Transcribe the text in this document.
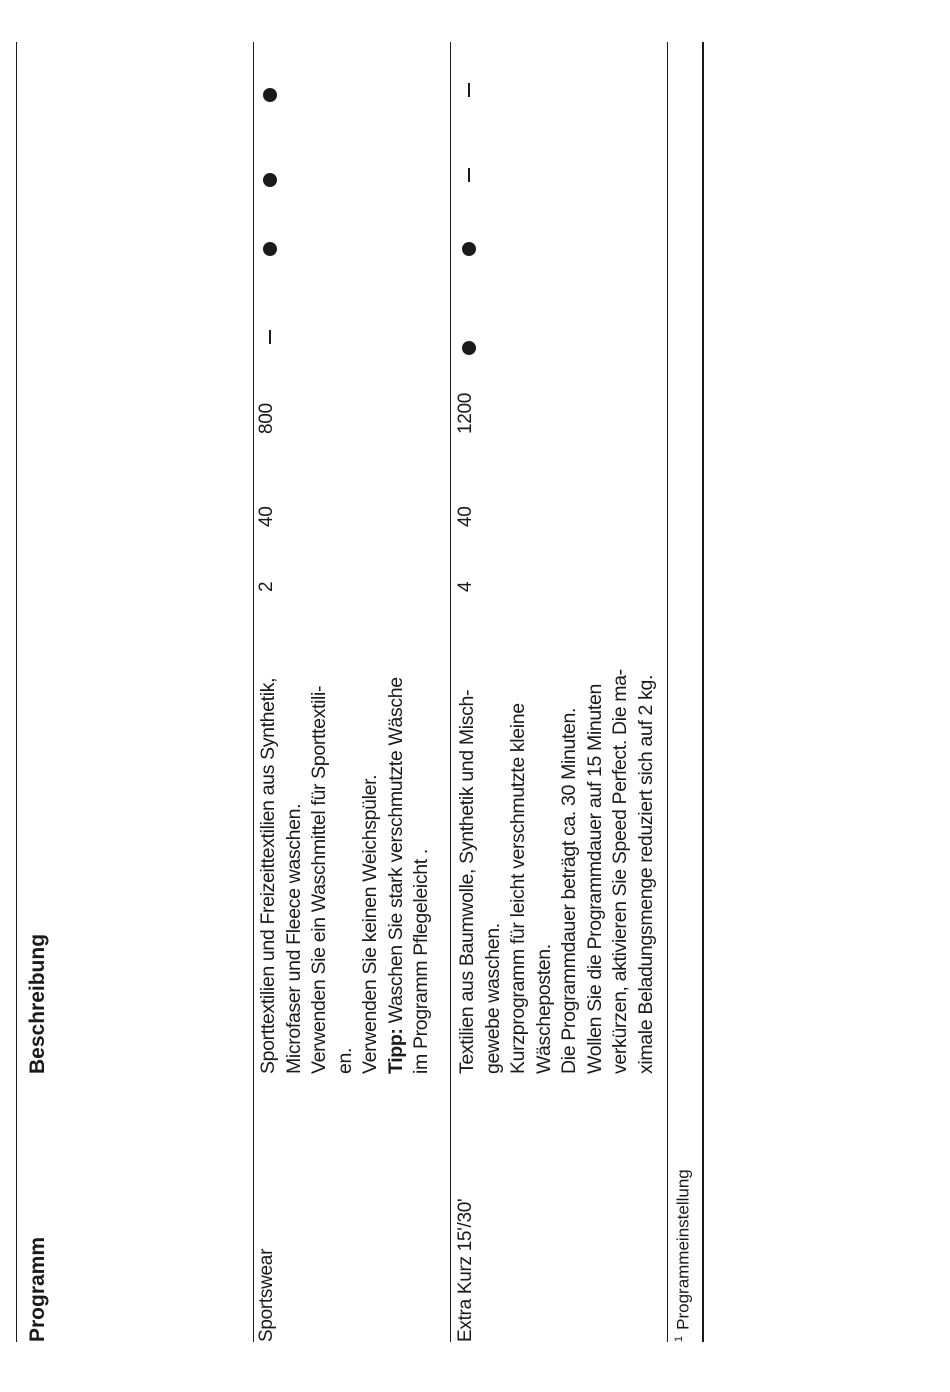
Programm
Beschreibung
Sportswear
Sporttextilien und Freizeittextilien aus Synthetik, Microfaser und Fleece waschen. Verwenden Sie ein Waschmittel für Sporttextili- en. Verwenden Sie keinen Weichspüler. Tipp: Waschen Sie stark verschmutzte Wäsche im Programm Pflegeleicht .
2
40
800
Extra Kurz 15'/30'
Textilien aus Baumwolle, Synthetik und Misch- gewebe waschen. Kurzprogramm für leicht verschmutzte kleine Wäscheposten. Die Programmdauer beträgt ca. 30 Minuten. Wollen Sie die Programmdauer auf 15 Minuten verkürzen, aktivieren Sie Speed Perfect. Die ma- ximale Beladungsmenge reduziert sich auf 2 kg.
4
40
1200
$^1$Programmeinstellung
